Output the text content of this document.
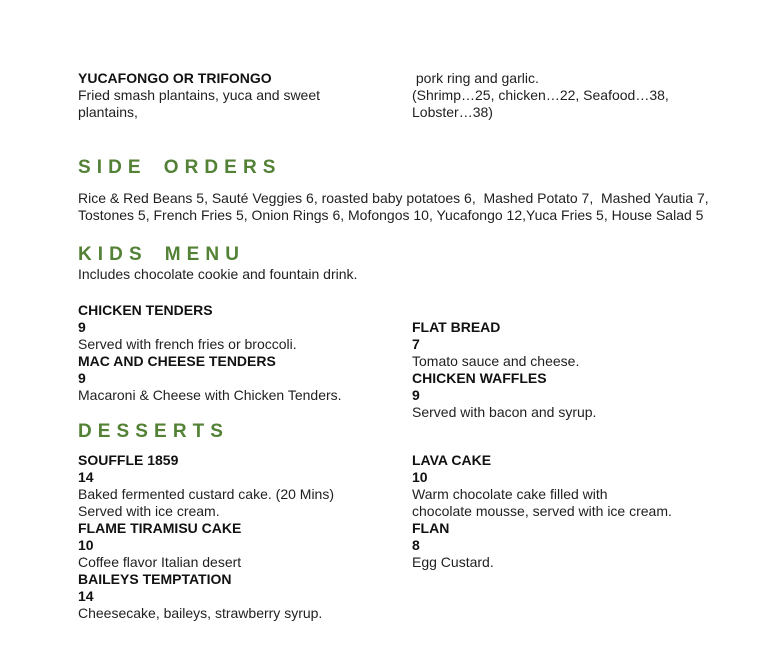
YUCAFONGO OR TRIFONGO
Fried smash plantains, yuca and sweet
plantains,
pork ring and garlic.
(Shrimp…25, chicken…22, Seafood…38,
Lobster…38)
SIDE ORDERS
Rice & Red Beans 5, Sauté Veggies 6, roasted baby potatoes 6,  Mashed Potato 7,  Mashed Yautia 7,
Tostones 5, French Fries 5, Onion Rings 6, Mofongos 10, Yucafongo 12,Yuca Fries 5, House Salad 5
KIDS MENU
Includes chocolate cookie and fountain drink.
CHICKEN TENDERS
9
Served with french fries or broccoli.
MAC AND CHEESE TENDERS
9
Macaroni & Cheese with Chicken Tenders.
FLAT BREAD
7
Tomato sauce and cheese.
CHICKEN WAFFLES
9
Served with bacon and syrup.
DESSERTS
SOUFFLE 1859
14
Baked fermented custard cake. (20 Mins)
Served with ice cream.
FLAME TIRAMISU CAKE
10
Coffee flavor Italian desert
BAILEYS TEMPTATION
14
Cheesecake, baileys, strawberry syrup.
LAVA CAKE
10
Warm chocolate cake filled with
chocolate mousse, served with ice cream.
FLAN
8
Egg Custard.
